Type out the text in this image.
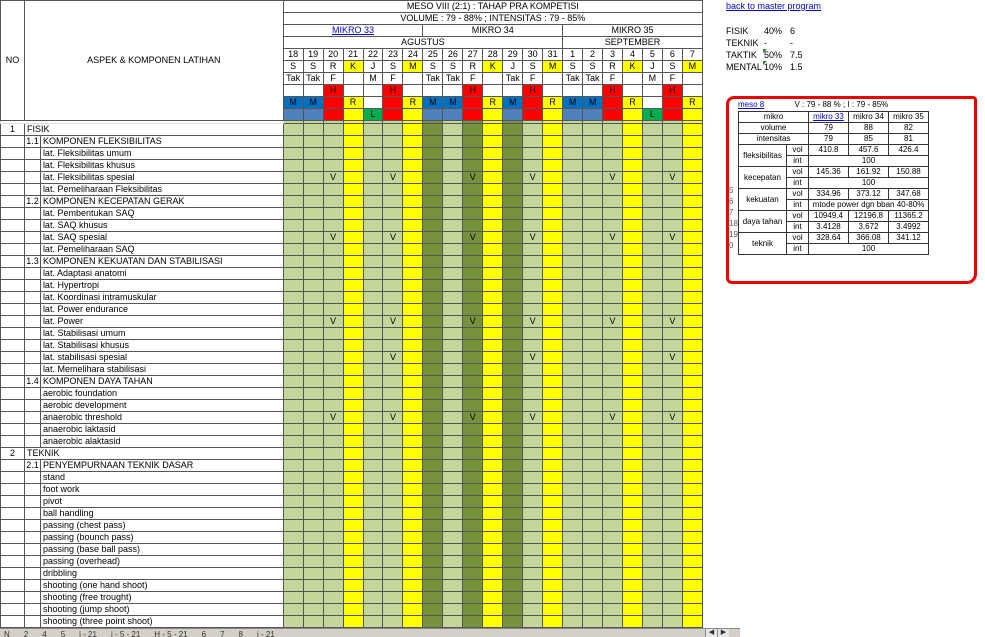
NO	ASPEK & KOMPONEN LATIHAN		MESO VIII (2:1) : TAHAP PRA KOMPETISI																				
			VOLUME : 79 - 88% ; INTENSITAS : 79 - 85%																				
			MIKRO 33							MIKRO 34							MIKRO 35						
			AGUSTUS														SEPTEMBER						
			18	19	20	21	22	23	24	25	26	27	28	29	30	31	1	2	3	4	5	6	7
			S	S	R	K	J	S	M	S	S	R	K	J	S	M	S	S	R	K	J	S	M
			Tak	Tak	F		M	F		Tak	Tak	F		Tak	F		Tak	Tak	F		M	F	
					H			H				H			H				H			H	
			M	M		R			R	M	M		R	M		R	M	M		R			R
							L														L		

1	FISIK																						
	1.1	KOMPONEN FLEKSIBILITAS																					
		lat. Fleksibilitas umum																					
		lat. Fleksibilitas khusus																					
		lat. Fleksibilitas spesial			V			V				V			V				V			V	
		lat. Pemeliharaan Fleksibilitas																					
	1.2	KOMPONEN KECEPATAN GERAK																					
		lat. Pembentukan SAQ																					
		lat. SAQ khusus																					
		lat. SAQ spesial			V			V				V			V				V			V	
		lat. Pemeliharaan SAQ																					
	1.3	KOMPONEN KEKUATAN DAN STABILISASI																					
		lat. Adaptasi anatomi																					
		lat. Hypertropi																					
		lat. Koordinasi intramuskular																					
		lat. Power endurance																					
		lat. Power			V			V				V			V				V			V	
		lat. Stabilisasi umum																					
		lat. Stabilisasi khusus																					
		lat. stabilisasi spesial						V							V							V	
		lat. Memelihara stabilisasi																					
	1.4	KOMPONEN DAYA TAHAN																					
		aerobic foundation																					
		aerobic development																					
		anaerobic threshold			V			V				V			V				V			V	
		anaerobic laktasid																					
		anaerobic alaktasid																					
2	TEKNIK																						
	2.1	PENYEMPURNAAN TEKNIK DASAR																					
		stand																					
		foot work																					
		pivot																					
		ball handling																					
		passing (chest pass)																					
		passing (bounch pass)																					
		passing (base ball pass)																					
		passing (overhead)																					
		dribbling																					
		shooting (one hand shoot)																					
		shooting (free trought)																					
		shooting (jump shoot)																					
		shooting (three point shoot)																					

back to master program
FISIK 40% 6
TEKNIK -	-
TAKTIK 50% 7.5
MENTAL 10% 1.5
meso 8	V : 79 - 88 % ; I : 79 - 85%
mikro		mikro 33	mikro 34	mikro 35
volume		79	88	82
intensitas		79	85	81
fleksibilitas	vol	410.8	457.6	426.4
	int	100		
kecepatan	vol	145.36	161.92	150.88
	int	100		
kekuatan	vol	334.96	373.12	347.68
	int	mtode power dgn bban 40-80%		
daya tahan	vol	10949.4	12196.8	11365.2
	int	3.4128	3.672	3.4992
teknik	vol	328.64	366.08	341.12
	int	100		
5
6
7
18
19
0
N 2 4 5 i - 21 i - 5 - 21 H - 5 - 21 6 7 8 i - 21	◀ ▶
